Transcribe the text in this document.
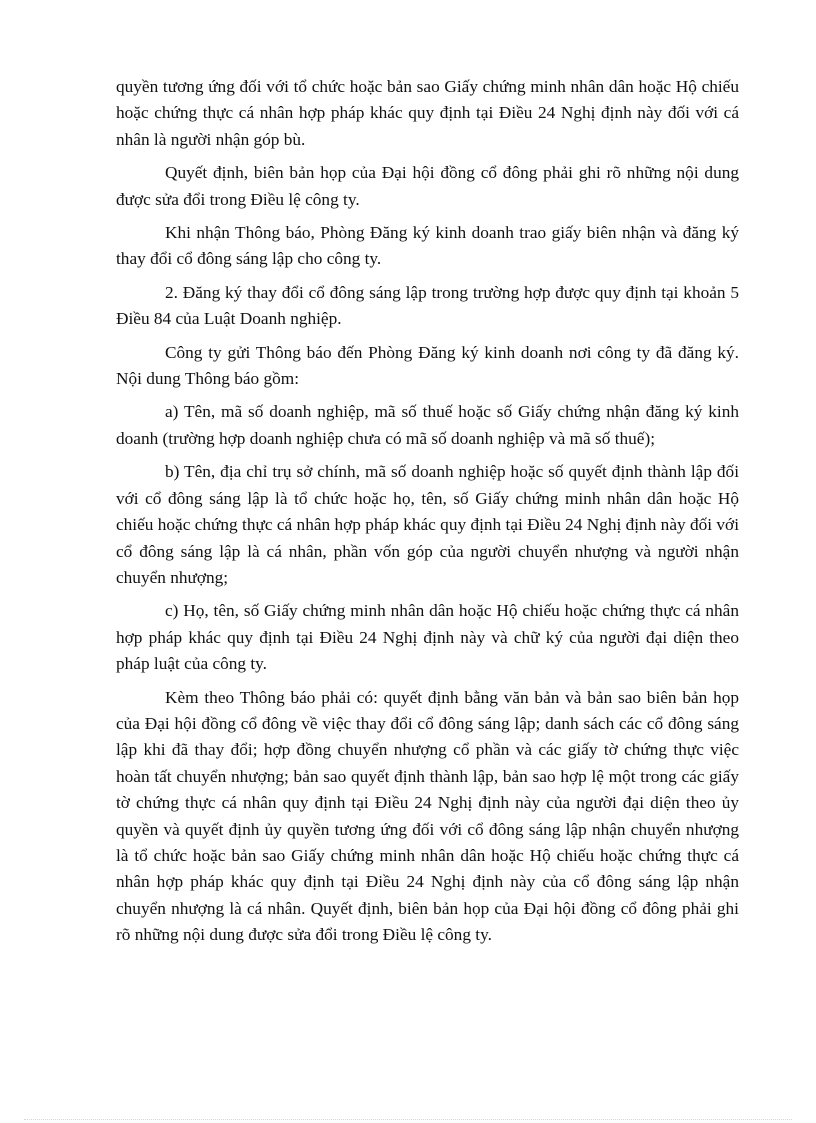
quyền tương ứng đối với tổ chức hoặc bản sao Giấy chứng minh nhân dân hoặc Hộ chiếu hoặc chứng thực cá nhân hợp pháp khác quy định tại Điều 24 Nghị định này đối với cá nhân là người nhận góp bù.

Quyết định, biên bản họp của Đại hội đồng cổ đông phải ghi rõ những nội dung được sửa đổi trong Điều lệ công ty.

Khi nhận Thông báo, Phòng Đăng ký kinh doanh trao giấy biên nhận và đăng ký thay đổi cổ đông sáng lập cho công ty.

2. Đăng ký thay đổi cổ đông sáng lập trong trường hợp được quy định tại khoản 5 Điều 84 của Luật Doanh nghiệp.

Công ty gửi Thông báo đến Phòng Đăng ký kinh doanh nơi công ty đã đăng ký. Nội dung Thông báo gồm:

a) Tên, mã số doanh nghiệp, mã số thuế hoặc số Giấy chứng nhận đăng ký kinh doanh (trường hợp doanh nghiệp chưa có mã số doanh nghiệp và mã số thuế);

b) Tên, địa chỉ trụ sở chính, mã số doanh nghiệp hoặc số quyết định thành lập đối với cổ đông sáng lập là tổ chức hoặc họ, tên, số Giấy chứng minh nhân dân hoặc Hộ chiếu hoặc chứng thực cá nhân hợp pháp khác quy định tại Điều 24 Nghị định này đối với cổ đông sáng lập là cá nhân, phần vốn góp của người chuyển nhượng và người nhận chuyển nhượng;

c) Họ, tên, số Giấy chứng minh nhân dân hoặc Hộ chiếu hoặc chứng thực cá nhân hợp pháp khác quy định tại Điều 24 Nghị định này và chữ ký của người đại diện theo pháp luật của công ty.

Kèm theo Thông báo phải có: quyết định bằng văn bản và bản sao biên bản họp của Đại hội đồng cổ đông về việc thay đổi cổ đông sáng lập; danh sách các cổ đông sáng lập khi đã thay đổi; hợp đồng chuyển nhượng cổ phần và các giấy tờ chứng thực việc hoàn tất chuyển nhượng; bản sao quyết định thành lập, bản sao hợp lệ một trong các giấy tờ chứng thực cá nhân quy định tại Điều 24 Nghị định này của người đại diện theo ủy quyền và quyết định ủy quyền tương ứng đối với cổ đông sáng lập nhận chuyển nhượng là tổ chức hoặc bản sao Giấy chứng minh nhân dân hoặc Hộ chiếu hoặc chứng thực cá nhân hợp pháp khác quy định tại Điều 24 Nghị định này của cổ đông sáng lập nhận chuyển nhượng là cá nhân. Quyết định, biên bản họp của Đại hội đồng cổ đông phải ghi rõ những nội dung được sửa đổi trong Điều lệ công ty.
